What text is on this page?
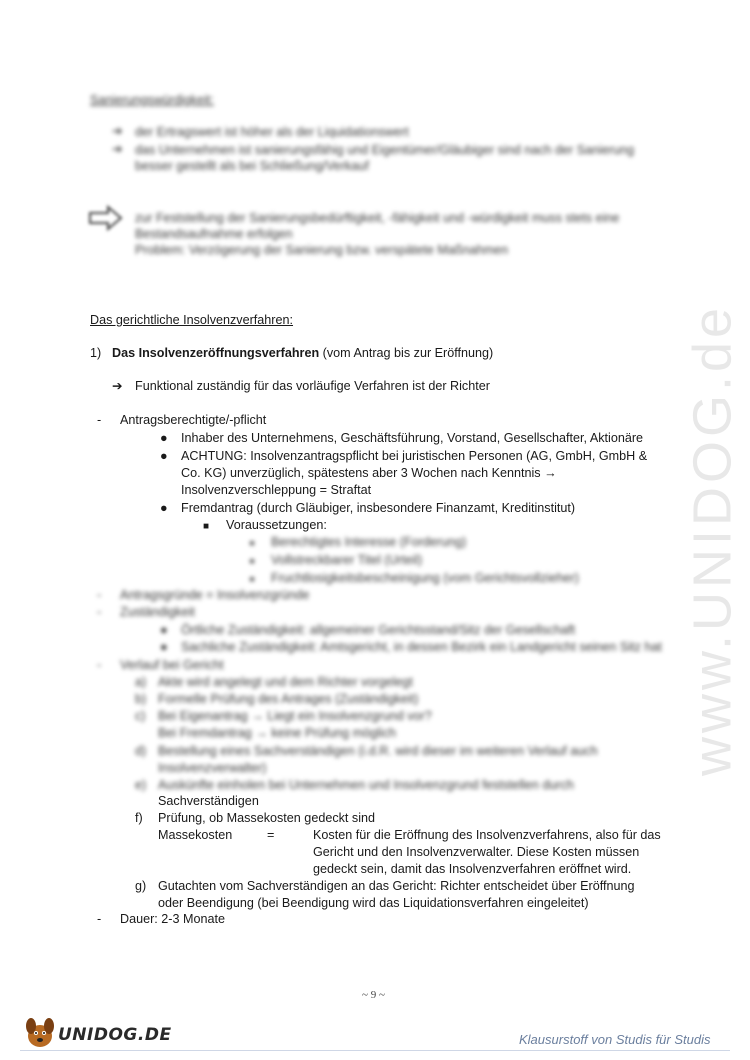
www.UNIDOG.de
Sanierungswürdigkeit:
➔ der Ertragswert ist höher als der Liquidationswert
➔ das Unternehmen ist sanierungsfähig und Eigentümer/Gläubiger sind nach der Sanierung
besser gestellt als bei Schließung/Verkauf
zur Feststellung der Sanierungsbedürftigkeit, -fähigkeit und -würdigkeit muss stets eine
Bestandsaufnahme erfolgen
Problem: Verzögerung der Sanierung bzw. verspätete Maßnahmen
Das gerichtliche Insolvenzverfahren:
1) Das Insolvenzeröffnungsverfahren (vom Antrag bis zur Eröffnung)
➔ Funktional zuständig für das vorläufige Verfahren ist der Richter
- Antragsberechtigte/-pflicht
● Inhaber des Unternehmens, Geschäftsführung, Vorstand, Gesellschafter, Aktionäre
● ACHTUNG: Insolvenzantragspflicht bei juristischen Personen (AG, GmbH, GmbH &
Co. KG) unverzüglich, spätestens aber 3 Wochen nach Kenntnis →
Insolvenzverschleppung = Straftat
● Fremdantrag (durch Gläubiger, insbesondere Finanzamt, Kreditinstitut)
■ Voraussetzungen:
● Berechtigtes Interesse (Forderung)
● Vollstreckbarer Titel (Urteil)
● Fruchtlosigkeitsbescheinigung (vom Gerichtsvollzieher)
- Antragsgründe = Insolvenzgründe
- Zuständigkeit
● Örtliche Zuständigkeit: allgemeiner Gerichtsstand/Sitz der Gesellschaft
● Sachliche Zuständigkeit: Amtsgericht, in dessen Bezirk ein Landgericht seinen Sitz hat
- Verlauf bei Gericht
a) Akte wird angelegt und dem Richter vorgelegt
b) Formelle Prüfung des Antrages (Zuständigkeit)
c) Bei Eigenantrag → Liegt ein Insolvenzgrund vor?
Bei Fremdantrag → keine Prüfung möglich
d) Bestellung eines Sachverständigen (i.d.R. wird dieser im weiteren Verlauf auch
Insolvenzverwalter)
e) Auskünfte einholen bei Unternehmen und Insolvenzgrund feststellen durch
Sachverständigen
f) Prüfung, ob Massekosten gedeckt sind
Massekosten	=	Kosten für die Eröffnung des Insolvenzverfahrens, also für das
Gericht und den Insolvenzverwalter. Diese Kosten müssen
gedeckt sein, damit das Insolvenzverfahren eröffnet wird.
g) Gutachten vom Sachverständigen an das Gericht: Richter entscheidet über Eröffnung
oder Beendigung (bei Beendigung wird das Liquidationsverfahren eingeleitet)
- Dauer: 2-3 Monate
~ 9 ~
UNIDOG.DE	Klausurstoff von Studis für Studis
